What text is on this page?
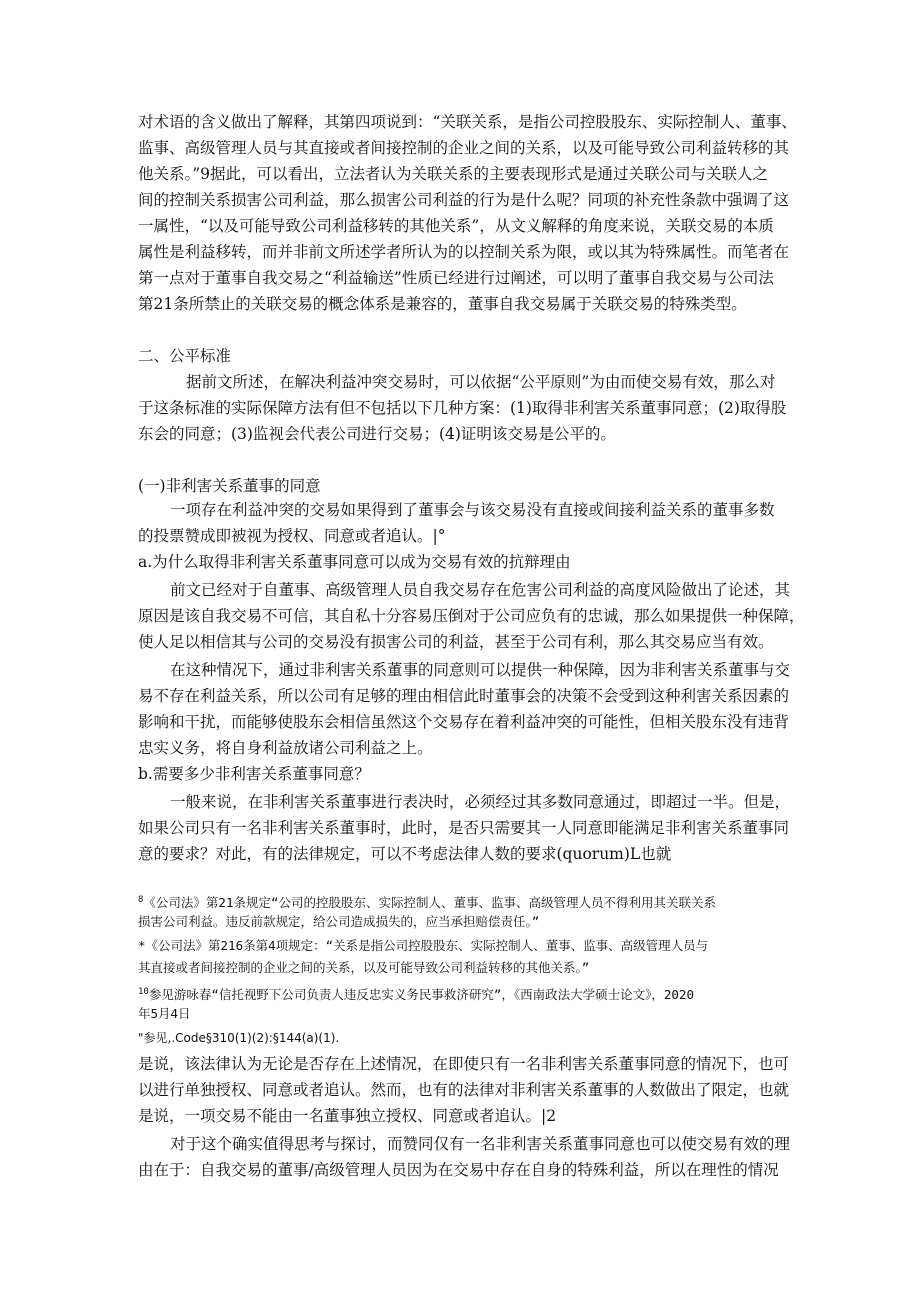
对术语的含义做出了解释，其第四项说到：“关联关系，是指公司控股股东、实际控制人、董事、
监事、高级管理人员与其直接或者间接控制的企业之间的关系，以及可能导致公司利益转移的其
他关系。”9据此，可以看出，立法者认为关联关系的主要表现形式是通过关联公司与关联人之
间的控制关系损害公司利益，那么损害公司利益的行为是什么呢？同项的补充性条款中强调了这
一属性，“以及可能导致公司利益移转的其他关系”，从文义解释的角度来说，关联交易的本质
属性是利益移转，而并非前文所述学者所认为的以控制关系为限，或以其为特殊属性。而笔者在
第一点对于董事自我交易之“利益输送”性质已经进行过阐述，可以明了董事自我交易与公司法
第21条所禁止的关联交易的概念体系是兼容的，董事自我交易属于关联交易的特殊类型。
二、公平标准
据前文所述，在解决利益冲突交易时，可以依据“公平原则”为由而使交易有效，那么对
于这条标准的实际保障方法有但不包括以下几种方案：(1)取得非利害关系董事同意；(2)取得股
东会的同意；(3)监视会代表公司进行交易；(4)证明该交易是公平的。
(一)非利害关系董事的同意
一项存在利益冲突的交易如果得到了董事会与该交易没有直接或间接利益关系的董事多数
的投票赞成即被视为授权、同意或者追认。|°
a.为什么取得非利害关系董事同意可以成为交易有效的抗辩理由
前文已经对于自董事、高级管理人员自我交易存在危害公司利益的高度风险做出了论述，其
原因是该自我交易不可信，其自私十分容易压倒对于公司应负有的忠诚，那么如果提供一种保障，
使人足以相信其与公司的交易没有损害公司的利益，甚至于公司有利，那么其交易应当有效。
在这种情况下，通过非利害关系董事的同意则可以提供一种保障，因为非利害关系董事与交
易不存在利益关系，所以公司有足够的理由相信此时董事会的决策不会受到这种利害关系因素的
影响和干扰，而能够使股东会相信虽然这个交易存在着利益冲突的可能性，但相关股东没有违背
忠实义务，将自身利益放诸公司利益之上。
b.需要多少非利害关系董事同意？
一般来说，在非利害关系董事进行表决时，必须经过其多数同意通过，即超过一半。但是，
如果公司只有一名非利害关系董事时，此时，是否只需要其一人同意即能满足非利害关系董事同
意的要求？对此，有的法律规定，可以不考虑法律人数的要求(quorum)L也就
$^8$《公司法》第21条规定“公司的控股股东、实际控制人、董事、监事、高级管理人员不得利用其关联关系
损害公司利益。违反前款规定，给公司造成损失的，应当承担赔偿责任。”
*《公司法》第216条第4项规定：“关系是指公司控股股东、实际控制人、董事、监事、高级管理人员与
其直接或者间接控制的企业之间的关系，以及可能导致公司利益转移的其他关系。”
$^{10}$参见游咏春“信托视野下公司负责人违反忠实义务民事救济研究”，《西南政法大学硕士论文》，2020
年5月4日
"参见,.Code§310(1)(2):§144(a)(1).
是说，该法律认为无论是否存在上述情况，在即使只有一名非利害关系董事同意的情况下，也可
以进行单独授权、同意或者追认。然而，也有的法律对非利害关系董事的人数做出了限定，也就
是说，一项交易不能由一名董事独立授权、同意或者追认。|2
对于这个确实值得思考与探讨，而赞同仅有一名非利害关系董事同意也可以使交易有效的理
由在于：自我交易的董事/高级管理人员因为在交易中存在自身的特殊利益，所以在理性的情况
